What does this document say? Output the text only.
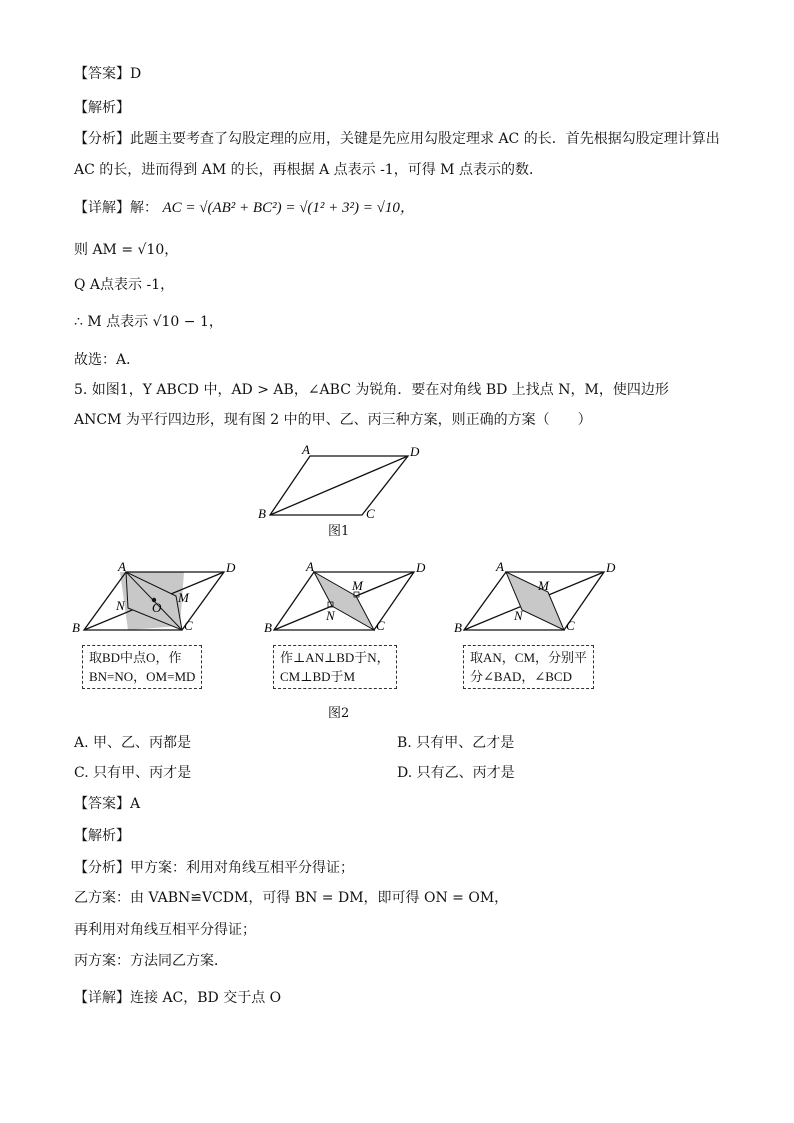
【答案】D
【解析】
【分析】此题主要考查了勾股定理的应用，关键是先应用勾股定理求 AC 的长．首先根据勾股定理计算出
AC 的长，进而得到 AM 的长，再根据 A 点表示 -1，可得 M 点表示的数．
【详解】解： AC = √(AB² + BC²) = √(1² + 3²) = √10，
则 AM = √10，
Q A点表示 -1，
∴ M 点表示 √10 − 1，
故选：A．
5. 如图1，Y ABCD 中，AD > AB，∠ABC 为锐角．要在对角线 BD 上找点 N，M，使四边形
ANCM 为平行四边形，现有图 2 中的甲、乙、丙三种方案，则正确的方案（　　）
A	D
B	C
图1
A	D
B	C
N
M
O
取BD中点O，作
BN=NO，OM=MD
A	D
B	C
N
M
作⊥AN⊥BD于N，
CM⊥BD于M
A	D
B	C
N
M
取AN，CM，分别平
分∠BAD，∠BCD
图2
A. 甲、乙、丙都是	B. 只有甲、乙才是
C. 只有甲、丙才是	D. 只有乙、丙才是
【答案】A
【解析】
【分析】甲方案：利用对角线互相平分得证；
乙方案：由 VABN≌VCDM，可得 BN = DM，即可得 ON = OM，
再利用对角线互相平分得证；
丙方案：方法同乙方案．
【详解】连接 AC，BD 交于点 O
